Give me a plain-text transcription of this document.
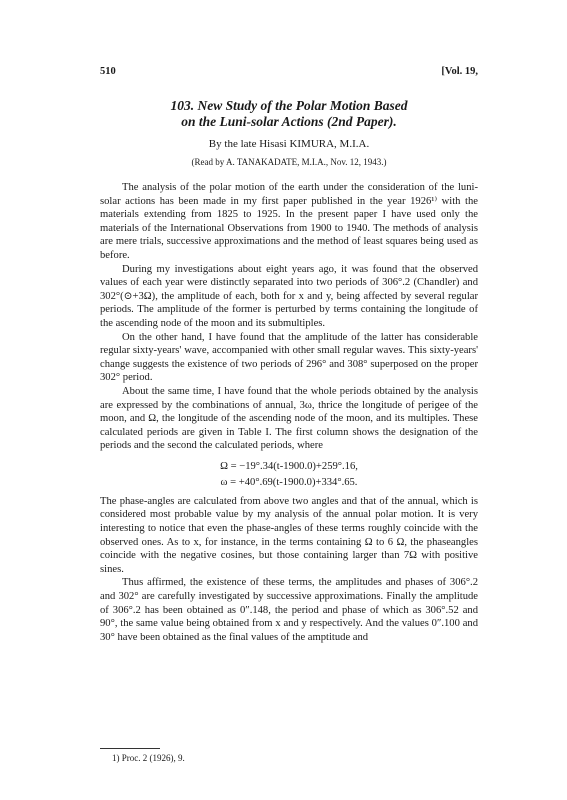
510	[Vol. 19,
103. New Study of the Polar Motion Based
on the Luni-solar Actions (2nd Paper).
By the late Hisasi KIMURA, M.I.A.
(Read by A. TANAKADATE, M.I.A., Nov. 12, 1943.)

The analysis of the polar motion of the earth under the consideration of the luni-solar actions has been made in my first paper published in the year 1926¹⁾ with the materials extending from 1825 to 1925. In the present paper I have used only the materials of the International Observations from 1900 to 1940. The methods of analysis are mere trials, successive approximations and the method of least squares being used as before.

During my investigations about eight years ago, it was found that the observed values of each year were distinctly separated into two periods of 306°.2 (Chandler) and 302°(⊙+3Ω), the amplitude of each, both for x and y, being affected by several regular periods. The amplitude of the former is perturbed by terms containing the longitude of the ascending node of the moon and its submultiples.

On the other hand, I have found that the amplitude of the latter has considerable regular sixty-years' wave, accompanied with other small regular waves. This sixty-years' change suggests the existence of two periods of 296° and 308° superposed on the proper 302° period.

About the same time, I have found that the whole periods obtained by the analysis are expressed by the combinations of annual, 3ω, thrice the longitude of perigee of the moon, and Ω, the longitude of the ascending node of the moon, and its multiples. These calculated periods are given in Table I. The first column shows the designation of the periods and the second the calculated periods, where

Ω = −19°.34(t-1900.0)+259°.16,
ω = +40°.69(t-1900.0)+334°.65.

The phase-angles are calculated from above two angles and that of the annual, which is considered most probable value by my analysis of the annual polar motion. It is very interesting to notice that even the phase-angles of these terms roughly coincide with the observed ones. As to x, for instance, in the terms containing Ω to 6 Ω, the phaseangles coincide with the negative cosines, but those containing larger than 7Ω with positive sines.

Thus affirmed, the existence of these terms, the amplitudes and phases of 306°.2 and 302° are carefully investigated by successive approximations. Finally the amplitude of 306°.2 has been obtained as 0″.148, the period and phase of which as 306°.52 and 90°, the same value being obtained from x and y respectively. And the values 0″.100 and 30° have been obtained as the final values of the amptitude and

1) Proc. 2 (1926), 9.
